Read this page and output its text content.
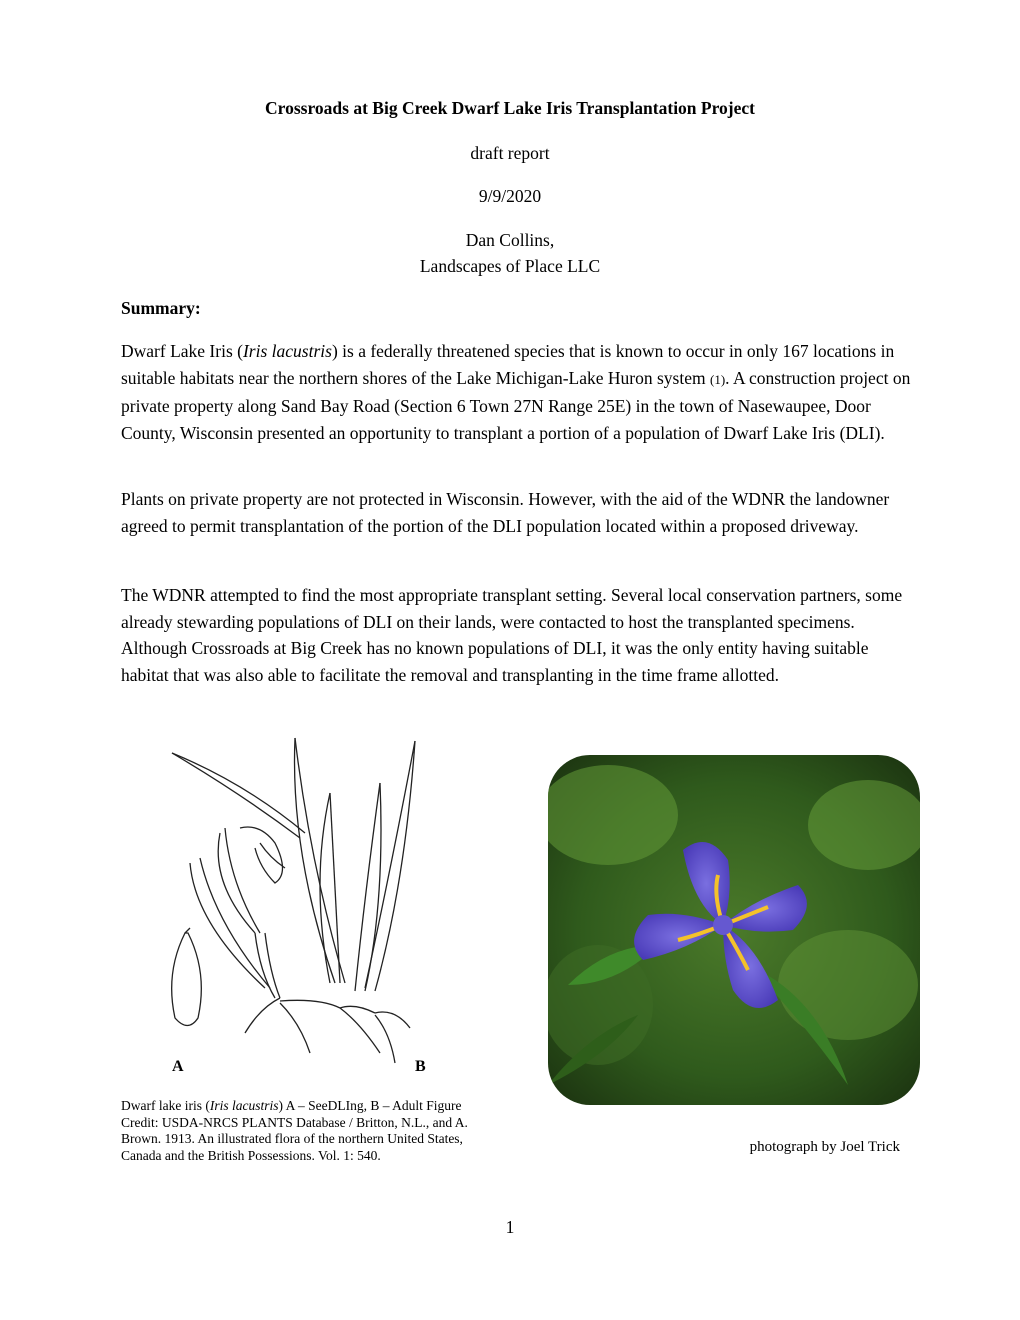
Crossroads at Big Creek Dwarf Lake Iris Transplantation Project
draft report
9/9/2020
Dan Collins,
Landscapes of Place LLC
Summary:

Dwarf Lake Iris (Iris lacustris) is a federally threatened species that is known to occur in only 167 locations in suitable habitats near the northern shores of the Lake Michigan-Lake Huron system (1). A construction project on private property along Sand Bay Road (Section 6 Town 27N Range 25E) in the town of Nasewaupee, Door County, Wisconsin presented an opportunity to transplant a portion of a population of Dwarf Lake Iris (DLI).

Plants on private property are not protected in Wisconsin. However, with the aid of the WDNR the landowner agreed to permit transplantation of the portion of the DLI population located within a proposed driveway.

The WDNR attempted to find the most appropriate transplant setting. Several local conservation partners, some already stewarding populations of DLI on their lands, were contacted to host the transplanted specimens. Although Crossroads at Big Creek has no known populations of DLI, it was the only entity having suitable habitat that was also able to facilitate the removal and transplanting in the time frame allotted.

A	B
Dwarf lake iris (Iris lacustris) A – SeeDLIng, B – Adult Figure Credit: USDA-NRCS PLANTS Database / Britton, N.L., and A. Brown. 1913. An illustrated flora of the northern United States, Canada and the British Possessions. Vol. 1: 540.	photograph by Joel Trick
1
